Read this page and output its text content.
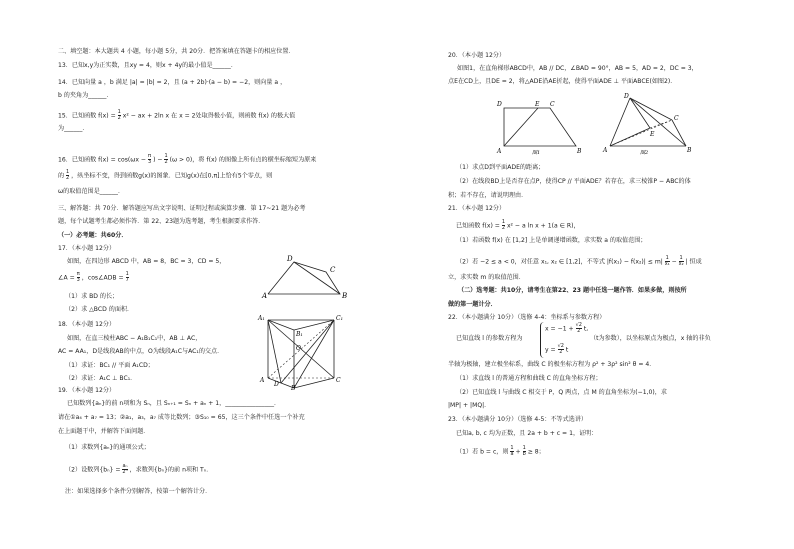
二、填空题：本大题共 4 小题，每小题 5分，共 20分．把答案填在答题卡的相应位置．
13．已知x,y为正实数，且xy = 4，则x + 4y的最小值是______．
14．已知向量 a ，b 满足 |a| = |b| = 2，且 (a + 2b)·(a − b) = −2，则向量 a ，
b 的夹角为______．
15．已知函数 $f(x) = \frac{1}{2} x^2$ − ax + 2ln x 在 x = 2处取得极小值，则函数 f(x) 的极大值
为______．
16．已知函数 $f(x) = \cos(\omega x - \frac{\pi}{3}$ ) − $\frac{1}{2} (\omega > 0)$，将 f(x) 的图像上所有点的横坐标缩短为原来
的 $\frac{1}{2}$ ，纵坐标不变，得到函数g(x)的图象．已知g(x)在[0,π]上恰有5个零点，则
ω的取值范围是______．
三、解答题：共 70分．解答题应写出文字说明、证明过程或演算步骤．第 17~21 题为必考
题，每个试题考生都必须作答．第 22、23题为选考题，考生根据要求作答．
（一）必考题：共60分．
17．（本小题 12分）
如图，在四边形 ABCD 中，AB = 8，BC = 3，CD = 5，
∠A = $\frac{\pi}{3}$ ，cos∠ADB = $\frac{1}{7}$
（1）求 BD 的长；
（2）求 △BCD 的面积．
18．（本小题 12分）
如图，在直三棱柱ABC − A₁B₁C₁中，AB ⊥ AC，
AC = AA₁，D是线段AB的中点，O为线段A₁C与AC₁的交点．
（1）求证：BC₁ // 平面 A₁CD；
（2）求证：A₁C ⊥ BC₁．
19．（本小题 12分）
已知数列{aₙ}的前 n项和为 Sₙ，且 Sₙ₊₁ = Sₙ + aₙ + 1，________________．
请在①a₄ + a₇ = 13；②a₁，a₃，a₇ 成等比数列；③S₁₀ = 65，这三个条件中任选一个补充
在上面题干中，并解答下面问题．
（1）求数列{aₙ}的通项公式；
（2）设数列$\{b_n\} = \frac{\text{aₙ}}{\text{2ⁿ}}$ ，求数列{bₙ}的前 n项和 Tₙ．
注：如果选择多个条件分别解答，按第一个解答计分．
A	B
C
D
A₁	C₁
B₁
O
A	C
B
D
20．（本小题 12分）
如图1，在直角梯形ABCD中，AB // DC，∠BAD = 90°，AB = 5，AD = 2，DC = 3，
点E在CD上，且DE = 2，将△ADE沿AE折起，使得平面ADE ⊥ 平面ABCE(如图2)．
（1）求点D到平面ADE的距离；
（2）在线段BD上是否存在点P，使得CP // 平面ADE？若存在，求三棱锥P − ABC的体
积；若不存在，请说明理由．
21．（本小题 12分）
已知函数 $f(x) = \frac{1}{2} x^2 - a$ ln x + 1(a ∈ R)，
（1）若函数 f(x) 在 [1,2] 上是单调递增函数，求实数 a 的取值范围；
（2）若 −2 ≤ a < 0，对任意 x₁, x₂ ∈ [1,2]，不等式 $|f(x_1) - f(x_2)| \le m| \frac{1}{\text{x₁}} - \frac{1}{\text{x₂}}$ | 恒成
立，求实数 m 的取值范围．
（二）选考题：共10分，请考生在第22、23 题中任选一题作答．如果多做，则按所
做的第一题计分．
22．（本小题满分 10分）（选修 4-4：坐标系与参数方程）
已知直线 l 的参数方程为
$x = -1 + \frac{√2}{2} t$,
$y = \frac{√2}{2}$ t
（t为参数），以坐标原点为极点，x 轴的非负
半轴为极轴，建立极坐标系，曲线 C 的极坐标方程为 ρ² + 3ρ² sin² θ = 4．
（1）求直线 l 的普通方程和曲线 C 的直角坐标方程；
（2）已知直线 l 与曲线 C 相交于 P，Q 两点，点 M 的直角坐标为(−1,0)，求
|MP| + |MQ|．
23．（本小题满分 10分）（选修 4-5：不等式选讲）
已知a, b, c 均为正数，且 2a + b + c = 1，证明：
（1）若 b = c，则 $\frac{1}{a} + \frac{1}{b} \ge 8$；
D	E C
A	B
图1
D
C
E
A	B
图2
